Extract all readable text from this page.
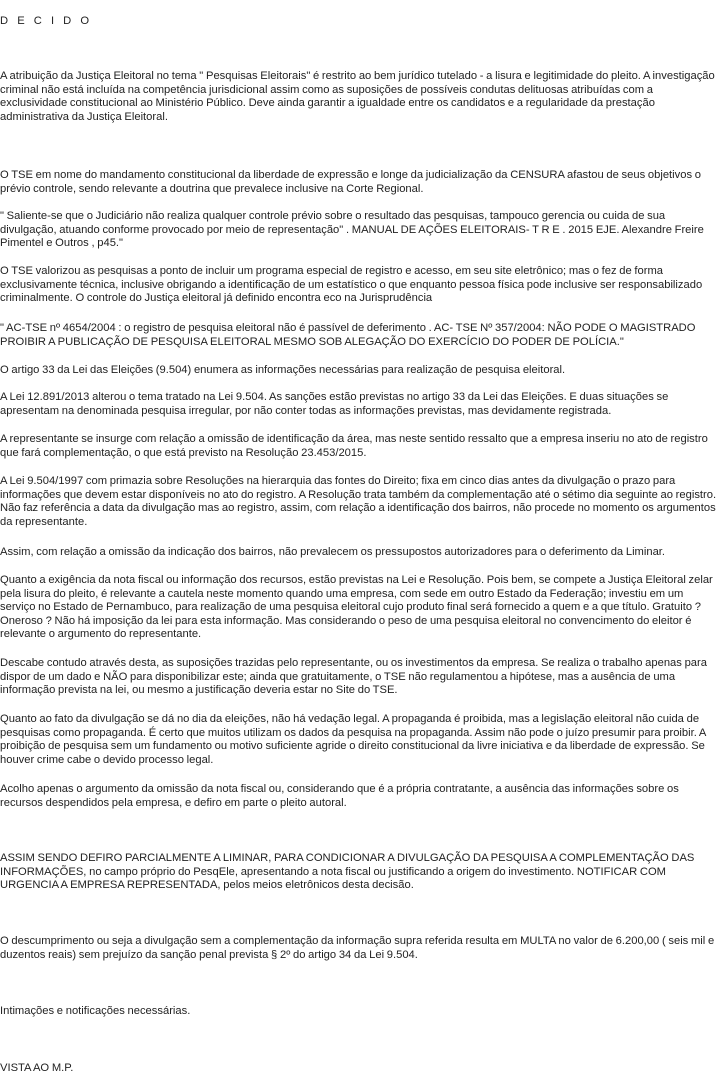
D E C I D O

A atribuição da Justiça Eleitoral no tema " Pesquisas Eleitorais" é restrito ao bem jurídico tutelado - a lisura e legitimidade do pleito. A investigação criminal não está incluída na competência jurisdicional assim como as suposições de possíveis condutas delituosas atribuídas com a exclusividade constitucional ao Ministério Público. Deve ainda garantir a igualdade entre os candidatos e a regularidade da prestação administrativa da Justiça Eleitoral.

O TSE em nome do mandamento constitucional da liberdade de expressão e longe da judicialização da CENSURA afastou de seus objetivos o prévio controle, sendo relevante a doutrina que prevalece inclusive na Corte Regional.

" Saliente-se que o Judiciário não realiza qualquer controle prévio sobre o resultado das pesquisas, tampouco gerencia ou cuida de sua divulgação, atuando conforme provocado por meio de representação" . MANUAL DE AÇÕES ELEITORAIS- T R E . 2015 EJE. Alexandre Freire Pimentel e Outros , p45."

O TSE valorizou as pesquisas a ponto de incluir um programa especial de registro e acesso, em seu site eletrônico; mas o fez de forma exclusivamente técnica, inclusive obrigando a identificação de um estatístico o que enquanto pessoa física pode inclusive ser responsabilizado criminalmente. O controle do Justiça eleitoral já definido encontra eco na Jurisprudência

" AC-TSE nº 4654/2004 : o registro de pesquisa eleitoral não é passível de deferimento . AC- TSE Nº 357/2004: NÃO PODE O MAGISTRADO PROIBIR A PUBLICAÇÃO DE PESQUISA ELEITORAL MESMO SOB ALEGAÇÃO DO EXERCÍCIO DO PODER DE POLÍCIA."

O artigo 33 da Lei das Eleições (9.504) enumera as informações necessárias para realização de pesquisa eleitoral.

A Lei 12.891/2013 alterou o tema tratado na Lei 9.504. As sanções estão previstas no artigo 33 da Lei das Eleições. E duas situações se apresentam na denominada pesquisa irregular, por não conter todas as informações previstas, mas devidamente registrada.

A representante se insurge com relação a omissão de identificação da área, mas neste sentido ressalto que a empresa inseriu no ato de registro que fará complementação, o que está previsto na Resolução 23.453/2015.

A Lei 9.504/1997 com primazia sobre Resoluções na hierarquia das fontes do Direito; fixa em cinco dias antes da divulgação o prazo para informações que devem estar disponíveis no ato do registro. A Resolução trata também da complementação até o sétimo dia seguinte ao registro. Não faz referência a data da divulgação mas ao registro, assim, com relação a identificação dos bairros, não procede no momento os argumentos da representante.

Assim, com relação a omissão da indicação dos bairros, não prevalecem os pressupostos autorizadores para o deferimento da Liminar.

Quanto a exigência da nota fiscal ou informação dos recursos, estão previstas na Lei e Resolução. Pois bem, se compete a Justiça Eleitoral zelar pela lisura do pleito, é relevante a cautela neste momento quando uma empresa, com sede em outro Estado da Federação; investiu em um serviço no Estado de Pernambuco, para realização de uma pesquisa eleitoral cujo produto final será fornecido a quem e a que título. Gratuito ? Oneroso ? Não há imposição da lei para esta informação. Mas considerando o peso de uma pesquisa eleitoral no convencimento do eleitor é relevante o argumento do representante.

Descabe contudo através desta, as suposições trazidas pelo representante, ou os investimentos da empresa. Se realiza o trabalho apenas para dispor de um dado e NÃO para disponibilizar este; ainda que gratuitamente, o TSE não regulamentou a hipótese, mas a ausência de uma informação prevista na lei, ou mesmo a justificação deveria estar no Site do TSE.

Quanto ao fato da divulgação se dá no dia da eleições, não há vedação legal. A propaganda é proibida, mas a legislação eleitoral não cuida de pesquisas como propaganda. É certo que muitos utilizam os dados da pesquisa na propaganda. Assim não pode o juízo presumir para proibir. A proibição de pesquisa sem um fundamento ou motivo suficiente agride o direito constitucional da livre iniciativa e da liberdade de expressão. Se houver crime cabe o devido processo legal.

Acolho apenas o argumento da omissão da nota fiscal ou, considerando que é a própria contratante, a ausência das informações sobre os recursos despendidos pela empresa, e defiro em parte o pleito autoral.

ASSIM SENDO DEFIRO PARCIALMENTE A LIMINAR, PARA CONDICIONAR A DIVULGAÇÃO DA PESQUISA A COMPLEMENTAÇÃO DAS INFORMAÇÕES, no campo próprio do PesqEle, apresentando a nota fiscal ou justificando a origem do investimento. NOTIFICAR COM URGENCIA A EMPRESA REPRESENTADA, pelos meios eletrônicos desta decisão.

O descumprimento ou seja a divulgação sem a complementação da informação supra referida resulta em MULTA no valor de 6.200,00 ( seis mil e duzentos reais) sem prejuízo da sanção penal prevista § 2º do artigo 34 da Lei 9.504.

Intimações e notificações necessárias.

VISTA AO M.P.
